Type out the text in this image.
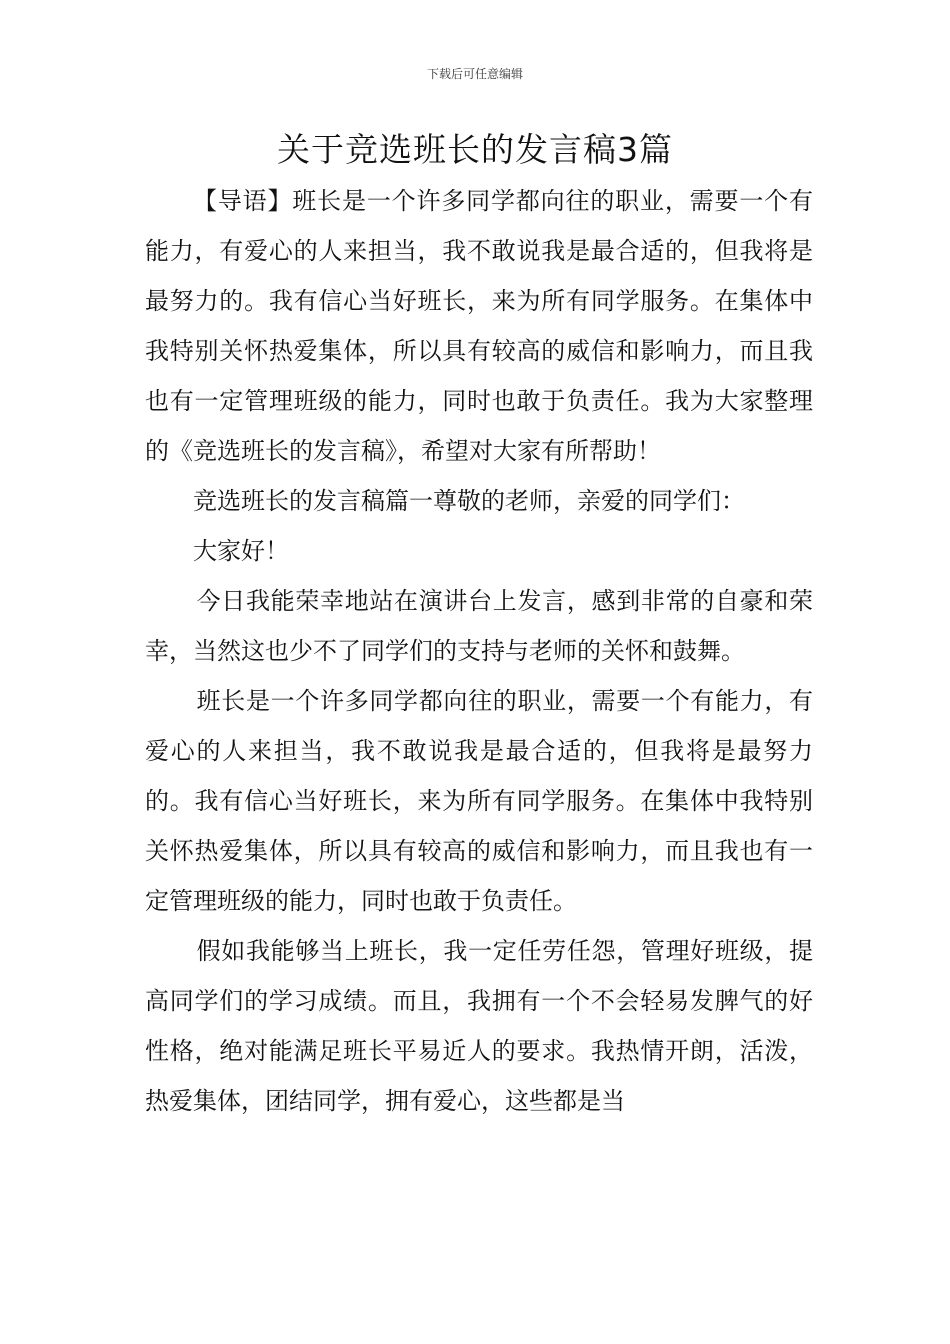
下载后可任意编辑
关于竞选班长的发言稿3篇

【导语】班长是一个许多同学都向往的职业，需要一个有能力，有爱心的人来担当，我不敢说我是最合适的，但我将是最努力的。我有信心当好班长，来为所有同学服务。在集体中我特别关怀热爱集体，所以具有较高的威信和影响力，而且我也有一定管理班级的能力，同时也敢于负责任。我为大家整理的《竞选班长的发言稿》，希望对大家有所帮助！

竞选班长的发言稿篇一尊敬的老师，亲爱的同学们：

大家好！

今日我能荣幸地站在演讲台上发言，感到非常的自豪和荣幸，当然这也少不了同学们的支持与老师的关怀和鼓舞。

班长是一个许多同学都向往的职业，需要一个有能力，有爱心的人来担当，我不敢说我是最合适的，但我将是最努力的。我有信心当好班长，来为所有同学服务。在集体中我特别关怀热爱集体，所以具有较高的威信和影响力，而且我也有一定管理班级的能力，同时也敢于负责任。

假如我能够当上班长，我一定任劳任怨，管理好班级，提高同学们的学习成绩。而且，我拥有一个不会轻易发脾气的好性格，绝对能满足班长平易近人的要求。我热情开朗，活泼，热爱集体，团结同学，拥有爱心，这些都是当
